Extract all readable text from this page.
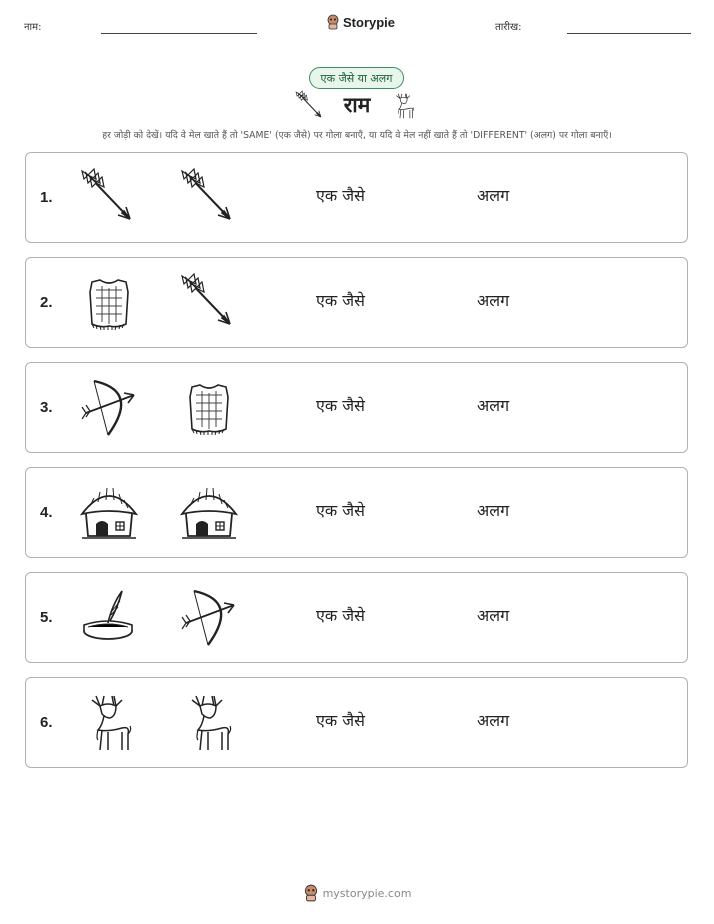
नाम:	Storypie	तारीख:
एक जैसे या अलग
राम
हर जोड़ी को देखें। यदि वे मेल खाते हैं तो 'SAME' (एक जैसे) पर गोला बनाएँ, या यदि वे मेल नहीं खाते हैं तो 'DIFFERENT' (अलग) पर गोला बनाएँ।
1.	एक जैसे	अलग
2.	एक जैसे	अलग
3.	एक जैसे	अलग
4.	एक जैसे	अलग
5.	एक जैसे	अलग
6.	एक जैसे	अलग
mystorypie.com
